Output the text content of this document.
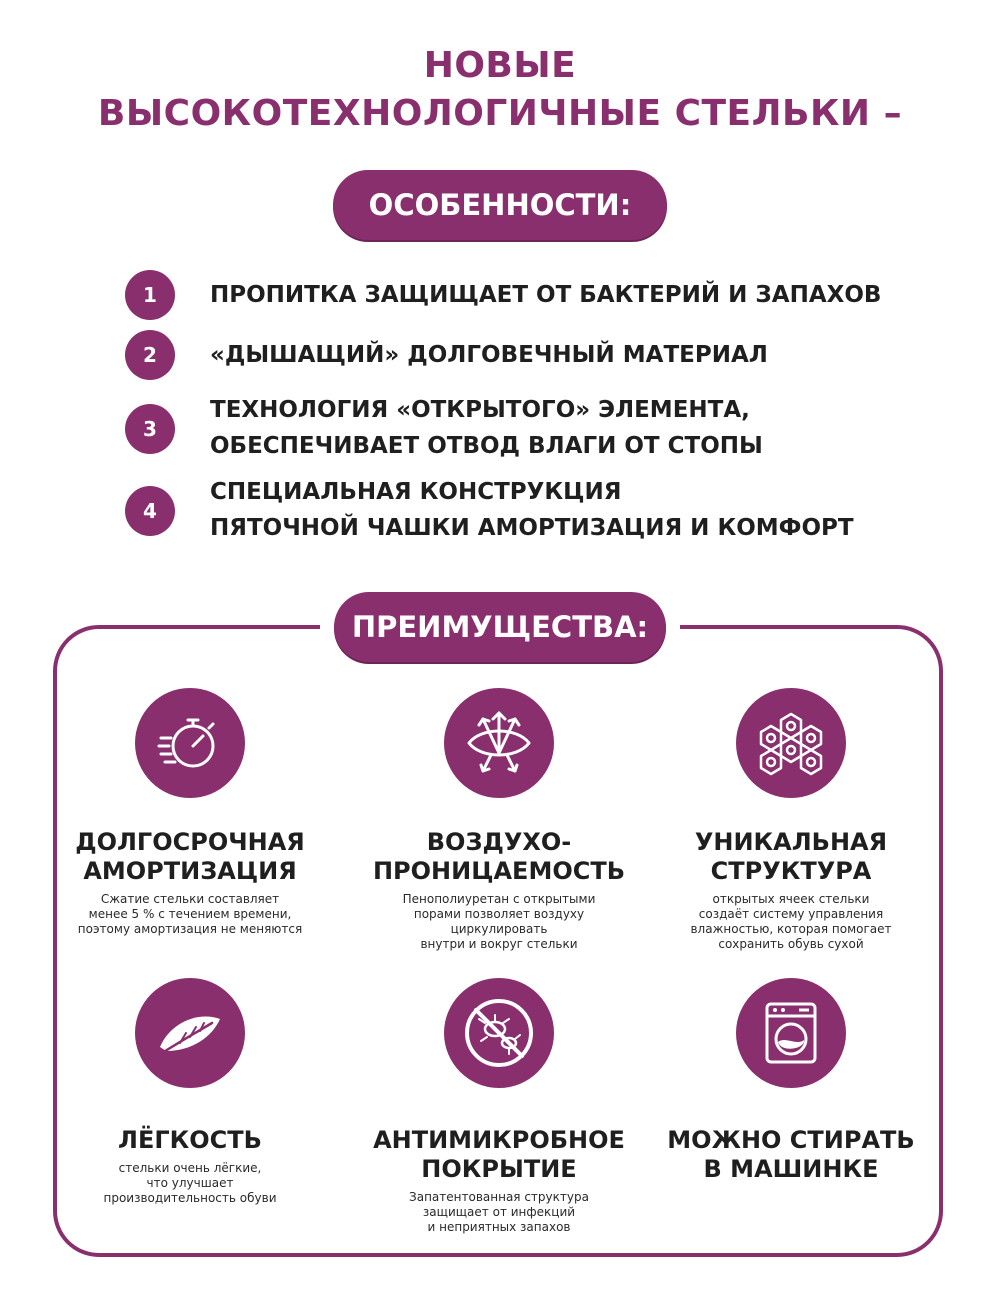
НОВЫЕ
ВЫСОКОТЕХНОЛОГИЧНЫЕ СТЕЛЬКИ –
ОСОБЕННОСТИ:
1	ПРОПИТКА ЗАЩИЩАЕТ ОТ БАКТЕРИЙ И ЗАПАХОВ
2	«ДЫШАЩИЙ» ДОЛГОВЕЧНЫЙ МАТЕРИАЛ
3
ТЕХНОЛОГИЯ «ОТКРЫТОГО» ЭЛЕМЕНТА,
ОБЕСПЕЧИВАЕТ ОТВОД ВЛАГИ ОТ СТОПЫ
4
СПЕЦИАЛЬНАЯ КОНСТРУКЦИЯ
ПЯТОЧНОЙ ЧАШКИ АМОРТИЗАЦИЯ И КОМФОРТ
ПРЕИМУЩЕСТВА:
ДОЛГОСРОЧНАЯ
АМОРТИЗАЦИЯ
Сжатие стельки составляет
менее 5 % с течением времени,
поэтому амортизация не меняются
ВОЗДУХО-
ПРОНИЦАЕМОСТЬ
Пенополиуретан с открытыми
порами позволяет воздуху
циркулировать
внутри и вокруг стельки
УНИКАЛЬНАЯ
СТРУКТУРА
открытых ячеек стельки
создаёт систему управления
влажностью, которая помогает
сохранить обувь сухой
ЛЁГКОСТЬ
стельки очень лёгкие,
что улучшает
производительность обуви
АНТИМИКРОБНОЕ
ПОКРЫТИЕ
Запатентованная структура
защищает от инфекций
и неприятных запахов
МОЖНО СТИРАТЬ
В МАШИНКЕ
